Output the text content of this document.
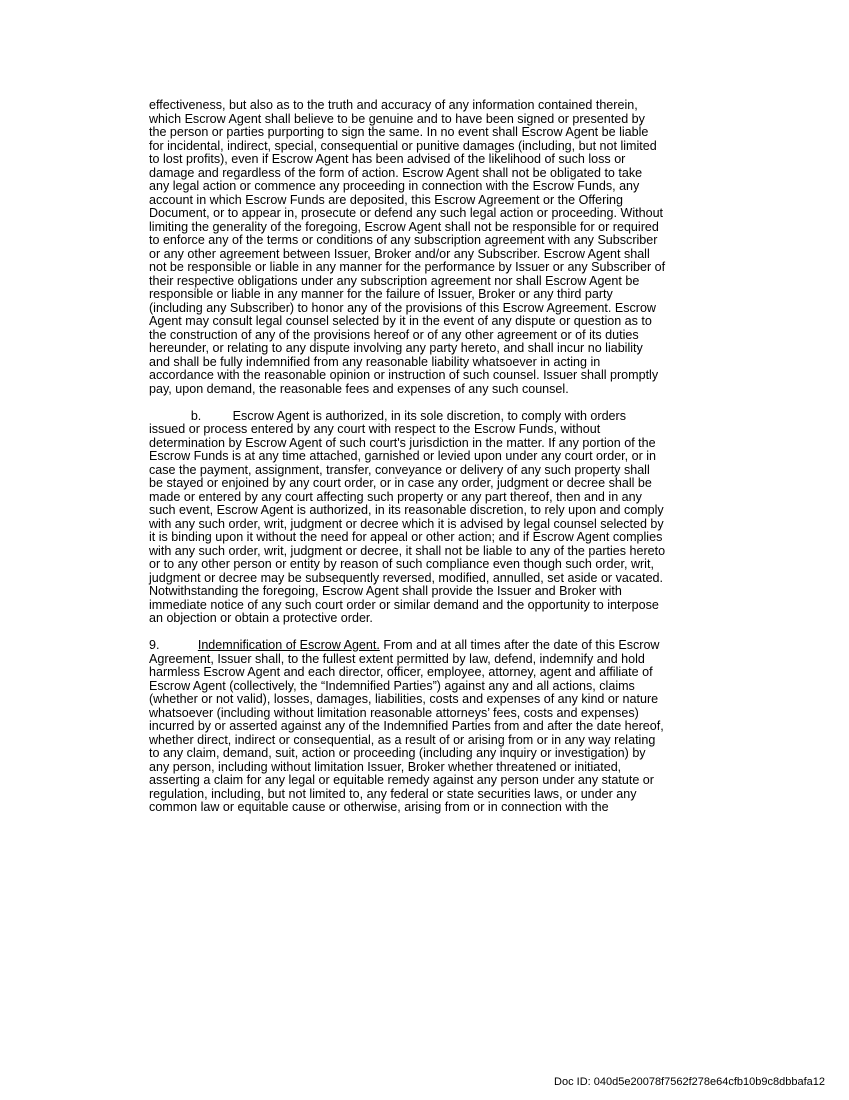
effectiveness, but also as to the truth and accuracy of any information contained therein,
which Escrow Agent shall believe to be genuine and to have been signed or presented by
the person or parties purporting to sign the same. In no event shall Escrow Agent be liable
for incidental, indirect, special, consequential or punitive damages (including, but not limited
to lost profits), even if Escrow Agent has been advised of the likelihood of such loss or
damage and regardless of the form of action. Escrow Agent shall not be obligated to take
any legal action or commence any proceeding in connection with the Escrow Funds, any
account in which Escrow Funds are deposited, this Escrow Agreement or the Offering
Document, or to appear in, prosecute or defend any such legal action or proceeding. Without
limiting the generality of the foregoing, Escrow Agent shall not be responsible for or required
to enforce any of the terms or conditions of any subscription agreement with any Subscriber
or any other agreement between Issuer, Broker and/or any Subscriber. Escrow Agent shall
not be responsible or liable in any manner for the performance by Issuer or any Subscriber of
their respective obligations under any subscription agreement nor shall Escrow Agent be
responsible or liable in any manner for the failure of Issuer, Broker or any third party
(including any Subscriber) to honor any of the provisions of this Escrow Agreement. Escrow
Agent may consult legal counsel selected by it in the event of any dispute or question as to
the construction of any of the provisions hereof or of any other agreement or of its duties
hereunder, or relating to any dispute involving any party hereto, and shall incur no liability
and shall be fully indemnified from any reasonable liability whatsoever in acting in
accordance with the reasonable opinion or instruction of such counsel. Issuer shall promptly
pay, upon demand, the reasonable fees and expenses of any such counsel.
b.         Escrow Agent is authorized, in its sole discretion, to comply with orders
issued or process entered by any court with respect to the Escrow Funds, without
determination by Escrow Agent of such court's jurisdiction in the matter. If any portion of the
Escrow Funds is at any time attached, garnished or levied upon under any court order, or in
case the payment, assignment, transfer, conveyance or delivery of any such property shall
be stayed or enjoined by any court order, or in case any order, judgment or decree shall be
made or entered by any court affecting such property or any part thereof, then and in any
such event, Escrow Agent is authorized, in its reasonable discretion, to rely upon and comply
with any such order, writ, judgment or decree which it is advised by legal counsel selected by
it is binding upon it without the need for appeal or other action; and if Escrow Agent complies
with any such order, writ, judgment or decree, it shall not be liable to any of the parties hereto
or to any other person or entity by reason of such compliance even though such order, writ,
judgment or decree may be subsequently reversed, modified, annulled, set aside or vacated.
Notwithstanding the foregoing, Escrow Agent shall provide the Issuer and Broker with
immediate notice of any such court order or similar demand and the opportunity to interpose
an objection or obtain a protective order.
9.	Indemnification of Escrow Agent. From and at all times after the date of this Escrow
Agreement, Issuer shall, to the fullest extent permitted by law, defend, indemnify and hold
harmless Escrow Agent and each director, officer, employee, attorney, agent and affiliate of
Escrow Agent (collectively, the “Indemnified Parties”) against any and all actions, claims
(whether or not valid), losses, damages, liabilities, costs and expenses of any kind or nature
whatsoever (including without limitation reasonable attorneys’ fees, costs and expenses)
incurred by or asserted against any of the Indemnified Parties from and after the date hereof,
whether direct, indirect or consequential, as a result of or arising from or in any way relating
to any claim, demand, suit, action or proceeding (including any inquiry or investigation) by
any person, including without limitation Issuer, Broker whether threatened or initiated,
asserting a claim for any legal or equitable remedy against any person under any statute or
regulation, including, but not limited to, any federal or state securities laws, or under any
common law or equitable cause or otherwise, arising from or in connection with the
Doc ID: 040d5e20078f7562f278e64cfb10b9c8dbbafa12
